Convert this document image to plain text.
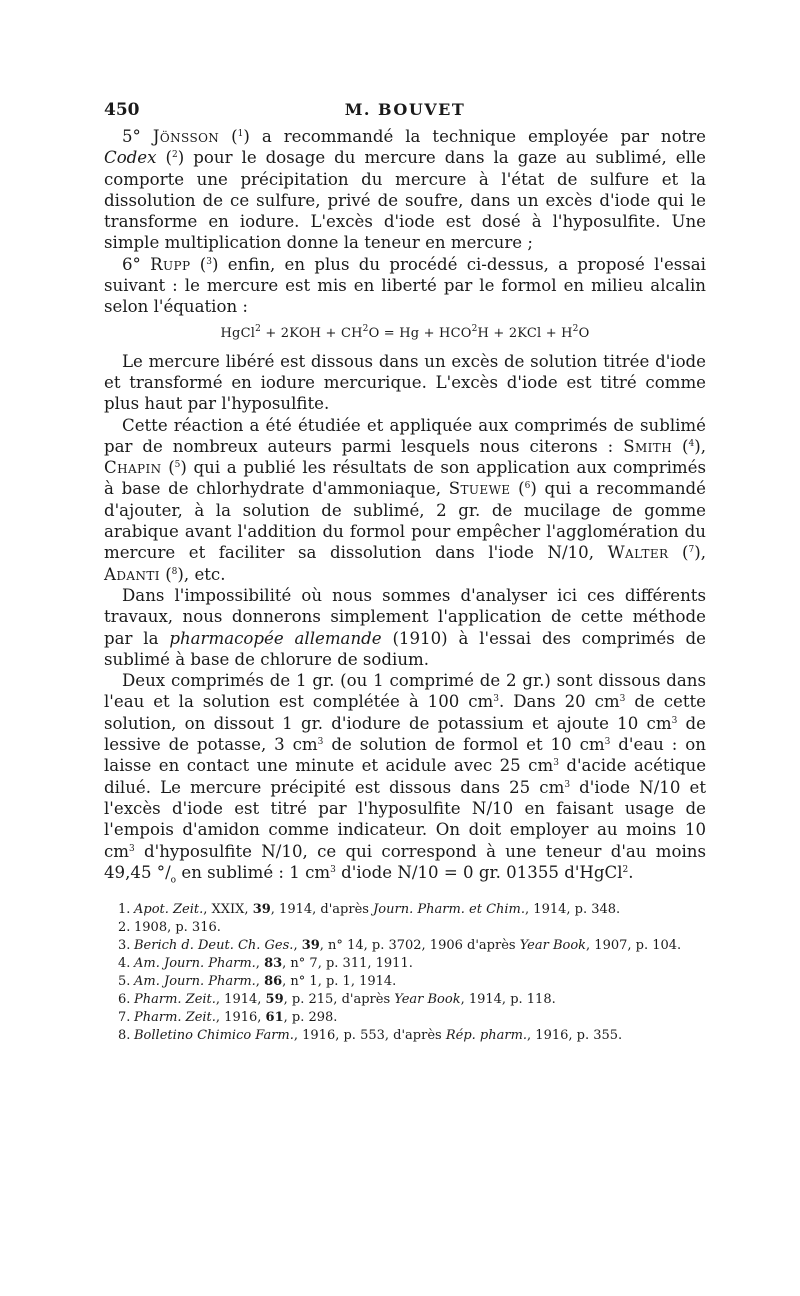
450	M. BOUVET

5° Jönsson ($^1$) a recommandé la technique employée par notre Codex ($^2$) pour le dosage du mercure dans la gaze au sublimé, elle comporte une précipitation du mercure à l'état de sulfure et la dissolution de ce sulfure, privé de soufre, dans un excès d'iode qui le transforme en iodure. L'excès d'iode est dosé à l'hyposulfite. Une simple multiplication donne la teneur en mercure ;

6° Rupp ($^3$) enfin, en plus du procédé ci-dessus, a proposé l'essai suivant : le mercure est mis en liberté par le formol en milieu alcalin selon l'équation :

HgCl$^2$ + $2KOH + CH^2O = Hg + HCO^2H + 2KCl + H^2O$

Le mercure libéré est dissous dans un excès de solution titrée d'iode et transformé en iodure mercurique. L'excès d'iode est titré comme plus haut par l'hyposulfite.

Cette réaction a été étudiée et appliquée aux comprimés de sublimé par de nombreux auteurs parmi lesquels nous citerons : Smith ($^4$), Chapin ($^5$) qui a publié les résultats de son application aux comprimés à base de chlorhydrate d'ammoniaque, Stuewe ($^6$) qui a recommandé d'ajouter, à la solution de sublimé, 2 gr. de mucilage de gomme arabique avant l'addition du formol pour empêcher l'agglomération du mercure et faciliter sa dissolution dans l'iode N/10, Walter ($^7$), Adanti ($^8$), etc.

Dans l'impossibilité où nous sommes d'analyser ici ces différents travaux, nous donnerons simplement l'application de cette méthode par la pharmacopée allemande (1910) à l'essai des comprimés de sublimé à base de chlorure de sodium.

Deux comprimés de 1 gr. (ou 1 comprimé de 2 gr.) sont dissous dans l'eau et la solution est complétée à 100 $cm^3$. Dans 20 $cm^3$ de cette solution, on dissout 1 gr. d'iodure de potassium et ajoute 10 $cm^3$ de lessive de potasse, 3 $cm^3$ de solution de formol et 10 $cm^3$ d'eau : on laisse en contact une minute et acidule avec 25 $cm^3$ d'acide acétique dilué. Le mercure précipité est dissous dans 25 $cm^3$ d'iode N/10 et l'excès d'iode est titré par l'hyposulfite N/10 en faisant usage de l'empois d'amidon comme indicateur. On doit employer au moins 10 $cm^3$ d'hyposulfite N/10, ce qui correspond à une teneur d'au moins 49,45 $^\circ/_o$ en sublimé : 1 $cm^3$ d'iode N/10 = 0 gr. 01355 d'HgCl$^2$.

1. Apot. Zeit., XXIX, 39, 1914, d'après Journ. Pharm. et Chim., 1914, p. 348.
2. 1908, p. 316.
3. Berich d. Deut. Ch. Ges., 39, n° 14, p. 3702, 1906 d'après Year Book, 1907, p. 104.
4. Am. Journ. Pharm., 83, n° 7, p. 311, 1911.
5. Am. Journ. Pharm., 86, n° 1, p. 1, 1914.
6. Pharm. Zeit., 1914, 59, p. 215, d'après Year Book, 1914, p. 118.
7. Pharm. Zeit., 1916, 61, p. 298.
8. Bolletino Chimico Farm., 1916, p. 553, d'après Rép. pharm., 1916, p. 355.
